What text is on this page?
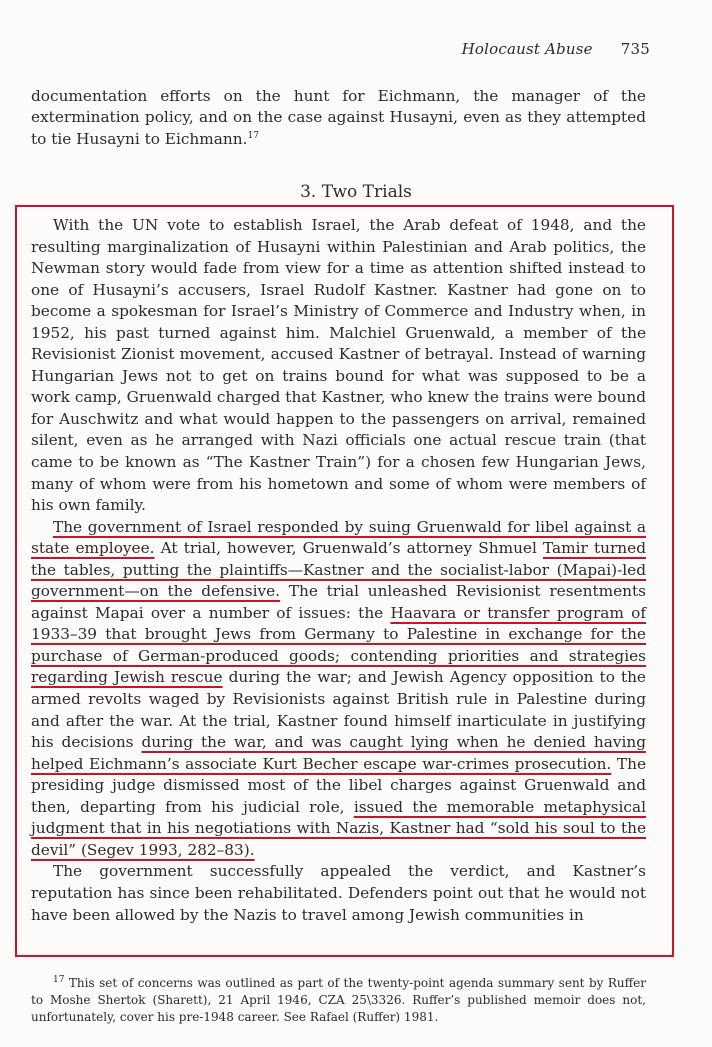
Holocaust Abuse 735
documentation efforts on the hunt for Eichmann, the manager of the extermination policy, and on the case against Husayni, even as they attempted to tie Husayni to Eichmann.$^{17}$
3. Two Trials

With the UN vote to establish Israel, the Arab defeat of 1948, and the resulting marginalization of Husayni within Palestinian and Arab politics, the Newman story would fade from view for a time as attention shifted instead to one of Husayni’s accusers, Israel Rudolf Kastner. Kastner had gone on to become a spokesman for Israel’s Ministry of Commerce and Industry when, in 1952, his past turned against him. Malchiel Gruenwald, a member of the Revisionist Zionist movement, accused Kastner of betrayal. Instead of warning Hungarian Jews not to get on trains bound for what was supposed to be a work camp, Gruenwald charged that Kastner, who knew the trains were bound for Auschwitz and what would happen to the passengers on arrival, remained silent, even as he arranged with Nazi officials one actual rescue train (that came to be known as “The Kastner Train”) for a chosen few Hungarian Jews, many of whom were from his hometown and some of whom were members of his own family.

The government of Israel responded by suing Gruenwald for libel against a state employee. At trial, however, Gruenwald’s attorney Shmuel Tamir turned the tables, putting the plaintiffs—Kastner and the socialist-labor (Mapai)-led government—on the defensive. The trial unleashed Revisionist resentments against Mapai over a number of issues: the Haavara or transfer program of 1933–39 that brought Jews from Germany to Palestine in exchange for the purchase of German-produced goods; contending priorities and strategies regarding Jewish rescue during the war; and Jewish Agency opposition to the armed revolts waged by Revisionists against British rule in Palestine during and after the war. At the trial, Kastner found himself inarticulate in justifying his decisions during the war, and was caught lying when he denied having helped Eichmann’s associate Kurt Becher escape war-crimes prosecution. The presiding judge dismissed most of the libel charges against Gruenwald and then, departing from his judicial role, issued the memorable metaphysical judgment that in his negotiations with Nazis, Kastner had “sold his soul to the devil” (Segev 1993, 282–83).

The government successfully appealed the verdict, and Kastner’s reputation has since been rehabilitated. Defenders point out that he would not have been allowed by the Nazis to travel among Jewish communities in

$^{17}$ This set of concerns was outlined as part of the twenty-point agenda summary sent by Ruffer to Moshe Shertok (Sharett), 21 April 1946, CZA 25\3326. Ruffer’s published memoir does not, unfortunately, cover his pre-1948 career. See Rafael (Ruffer) 1981.
